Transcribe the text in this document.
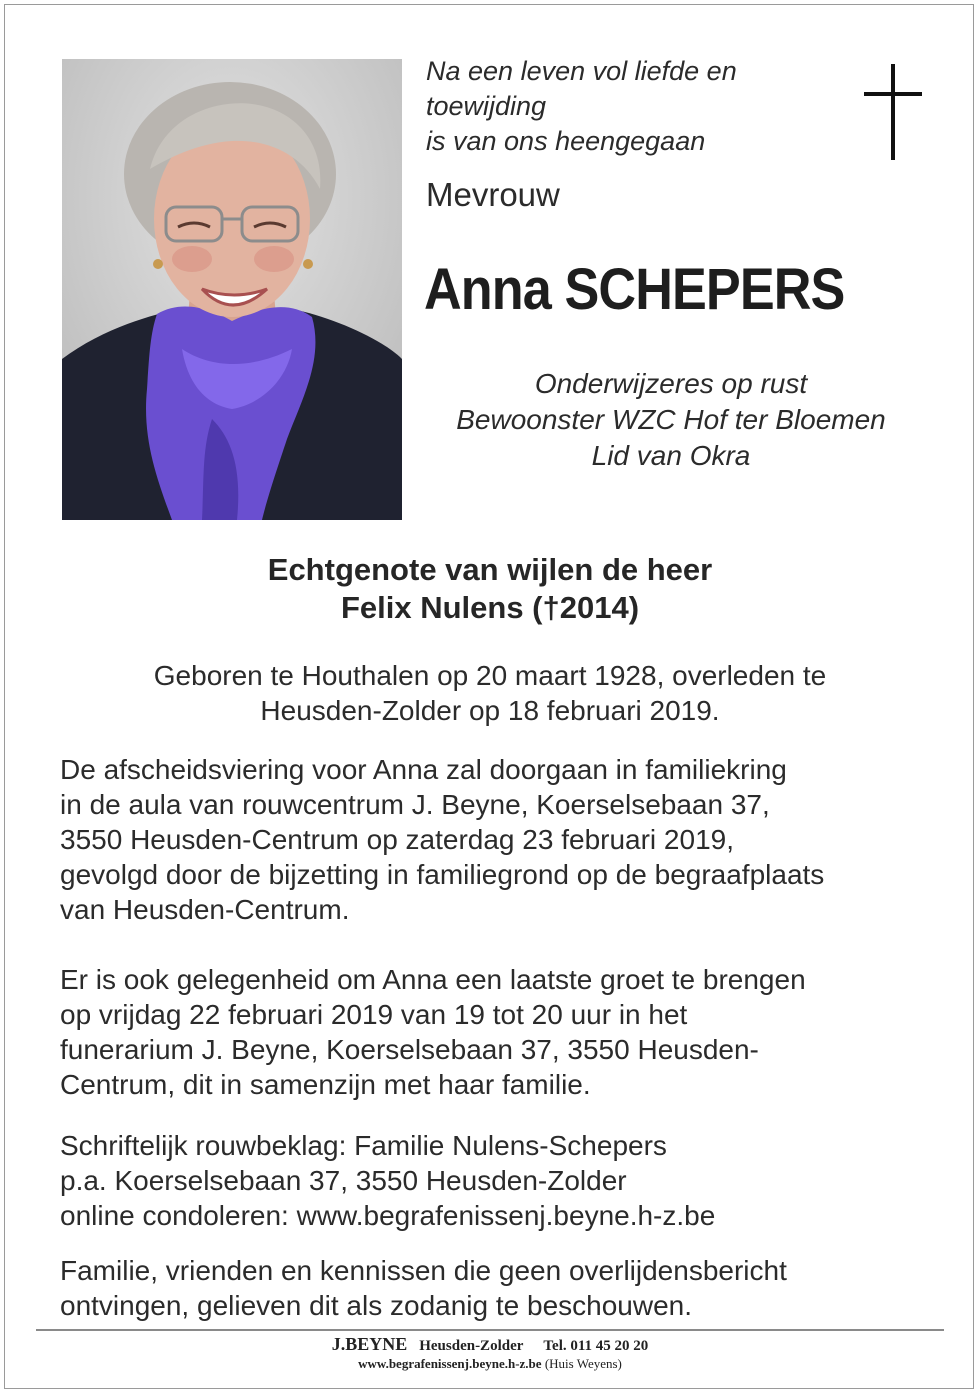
Na een leven vol liefde en
toewijding
is van ons heengegaan
Mevrouw
Anna SCHEPERS
Onderwijzeres op rust
Bewoonster WZC Hof ter Bloemen
Lid van Okra
Echtgenote van wijlen de heer
Felix Nulens (†2014)
Geboren te Houthalen op 20 maart 1928, overleden te
Heusden-Zolder op 18 februari 2019.
De afscheidsviering voor Anna zal doorgaan in familiekring
in de aula van rouwcentrum J. Beyne, Koerselsebaan 37,
3550 Heusden-Centrum op zaterdag 23 februari 2019,
gevolgd door de bijzetting in familiegrond op de begraafplaats
van Heusden-Centrum.
Er is ook gelegenheid om Anna een laatste groet te brengen
op vrijdag 22 februari 2019 van 19 tot 20 uur in het
funerarium J. Beyne, Koerselsebaan 37, 3550 Heusden-
Centrum, dit in samenzijn met haar familie.
Schriftelijk rouwbeklag: Familie Nulens-Schepers
p.a. Koerselsebaan 37, 3550 Heusden-Zolder
online condoleren: www.begrafenissenj.beyne.h-z.be
Familie, vrienden en kennissen die geen overlijdensbericht
ontvingen, gelieven dit als zodanig te beschouwen.
J.BEYNE Heusden-Zolder Tel. 011 45 20 20
www.begrafenissenj.beyne.h-z.be (Huis Weyens)
